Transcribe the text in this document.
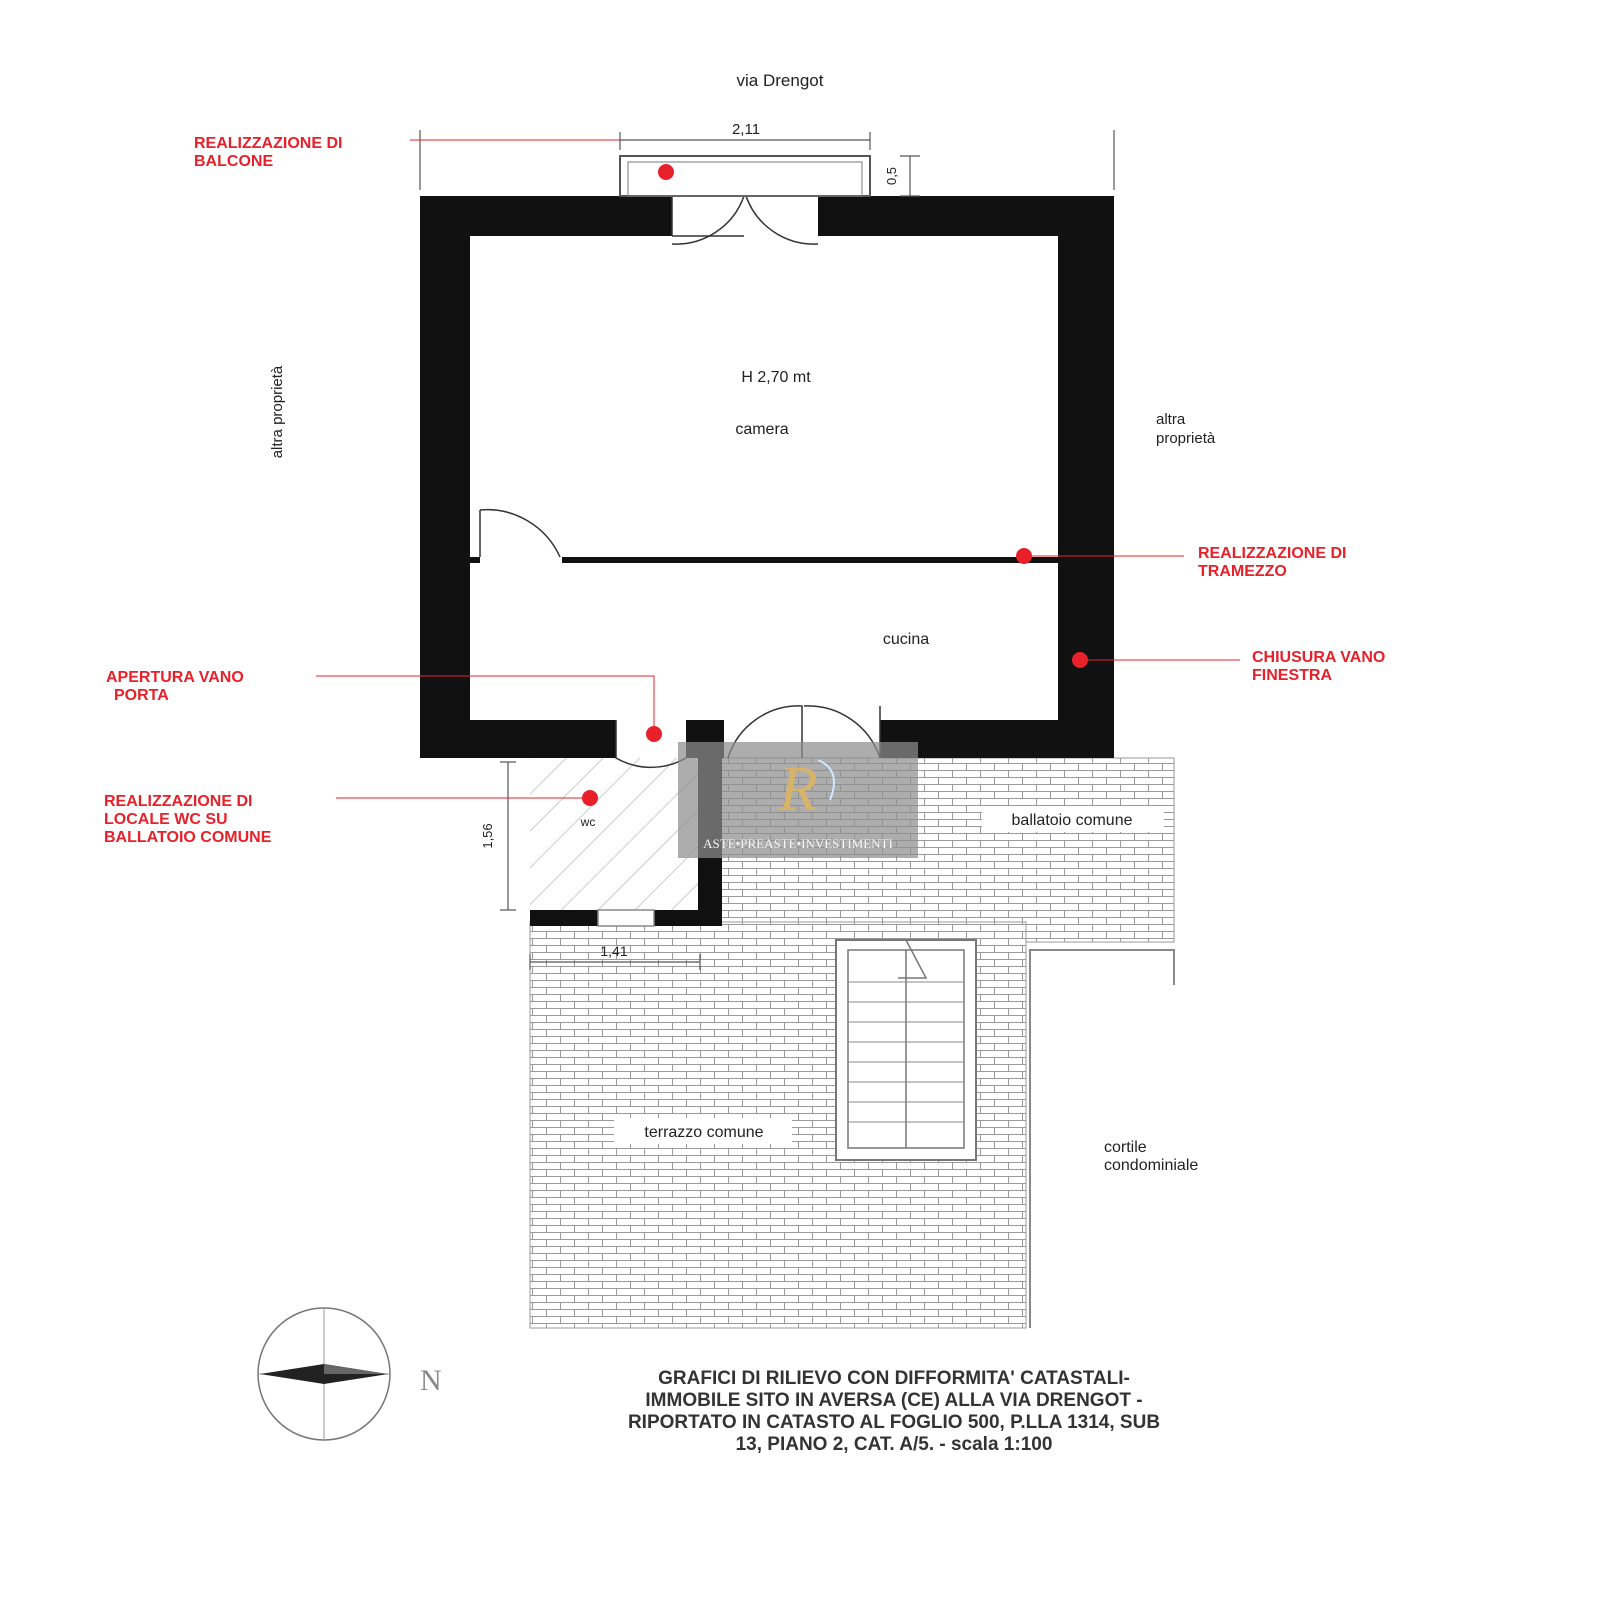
via Drengot
2,11
0,5
1,56
1,41
H 2,70 mt
camera
cucina
wc	ballatoio comune
terrazzo comune
cortile
condominiale
altra proprietà	altra
proprietà
REALIZZAZIONE DI
BALCONE
REALIZZAZIONE DI
TRAMEZZO
CHIUSURA VANO
FINESTRA
APERTURA VANO
PORTA
REALIZZAZIONE DI
LOCALE WC SU
BALLATOIO COMUNE
R
ASTE•PREASTE•INVESTIMENTI
N	GRAFICI DI RILIEVO CON DIFFORMITA' CATASTALI-
IMMOBILE SITO IN AVERSA (CE) ALLA VIA DRENGOT -
RIPORTATO IN CATASTO AL FOGLIO 500, P.LLA 1314, SUB
13, PIANO 2, CAT. A/5. - scala 1:100
